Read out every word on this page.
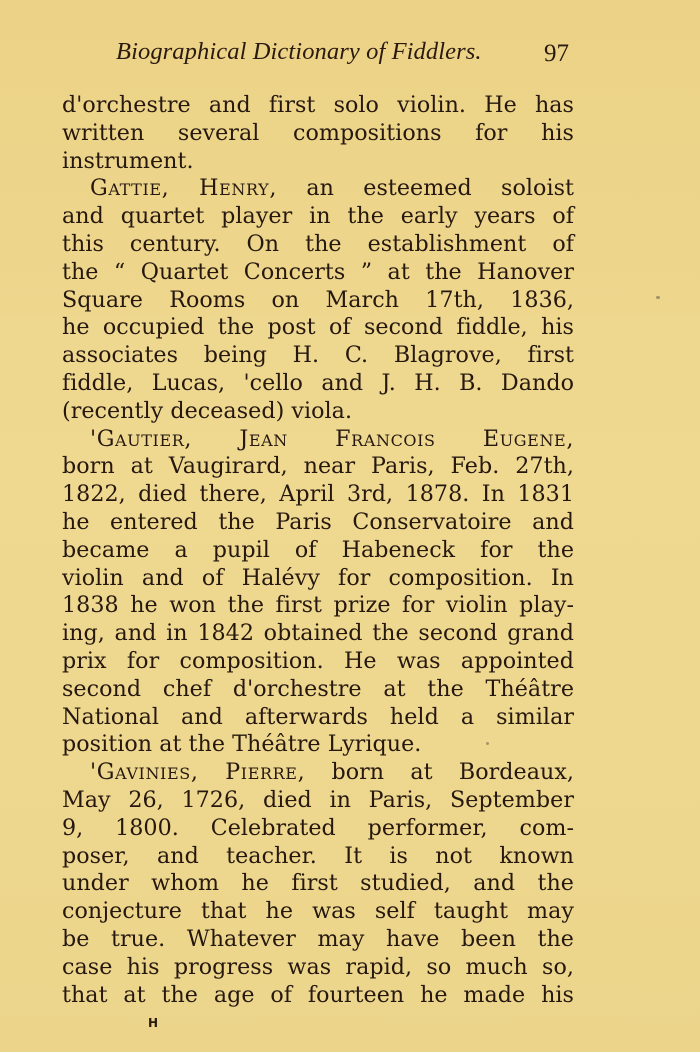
Biographical Dictionary of Fiddlers. 97
d'orchestre and first solo violin. He has
written several compositions for his
instrument.
Gattie, Henry, an esteemed soloist
and quartet player in the early years of
this century. On the establishment of
the “ Quartet Concerts ” at the Hanover
Square Rooms on March 17th, 1836,
he occupied the post of second fiddle, his
associates being H. C. Blagrove, first
fiddle, Lucas, 'cello and J. H. B. Dando
(recently deceased) viola.
'Gautier, Jean Francois Eugene,
born at Vaugirard, near Paris, Feb. 27th,
1822, died there, April 3rd, 1878. In 1831
he entered the Paris Conservatoire and
became a pupil of Habeneck for the
violin and of Halévy for composition. In
1838 he won the first prize for violin play-
ing, and in 1842 obtained the second grand
prix for composition. He was appointed
second chef d'orchestre at the Théâtre
National and afterwards held a similar
position at the Théâtre Lyrique.
'Gavinies, Pierre, born at Bordeaux,
May 26, 1726, died in Paris, September
9, 1800. Celebrated performer, com-
poser, and teacher. It is not known
under whom he first studied, and the
conjecture that he was self taught may
be true. Whatever may have been the
case his progress was rapid, so much so,
that at the age of fourteen he made his
H
